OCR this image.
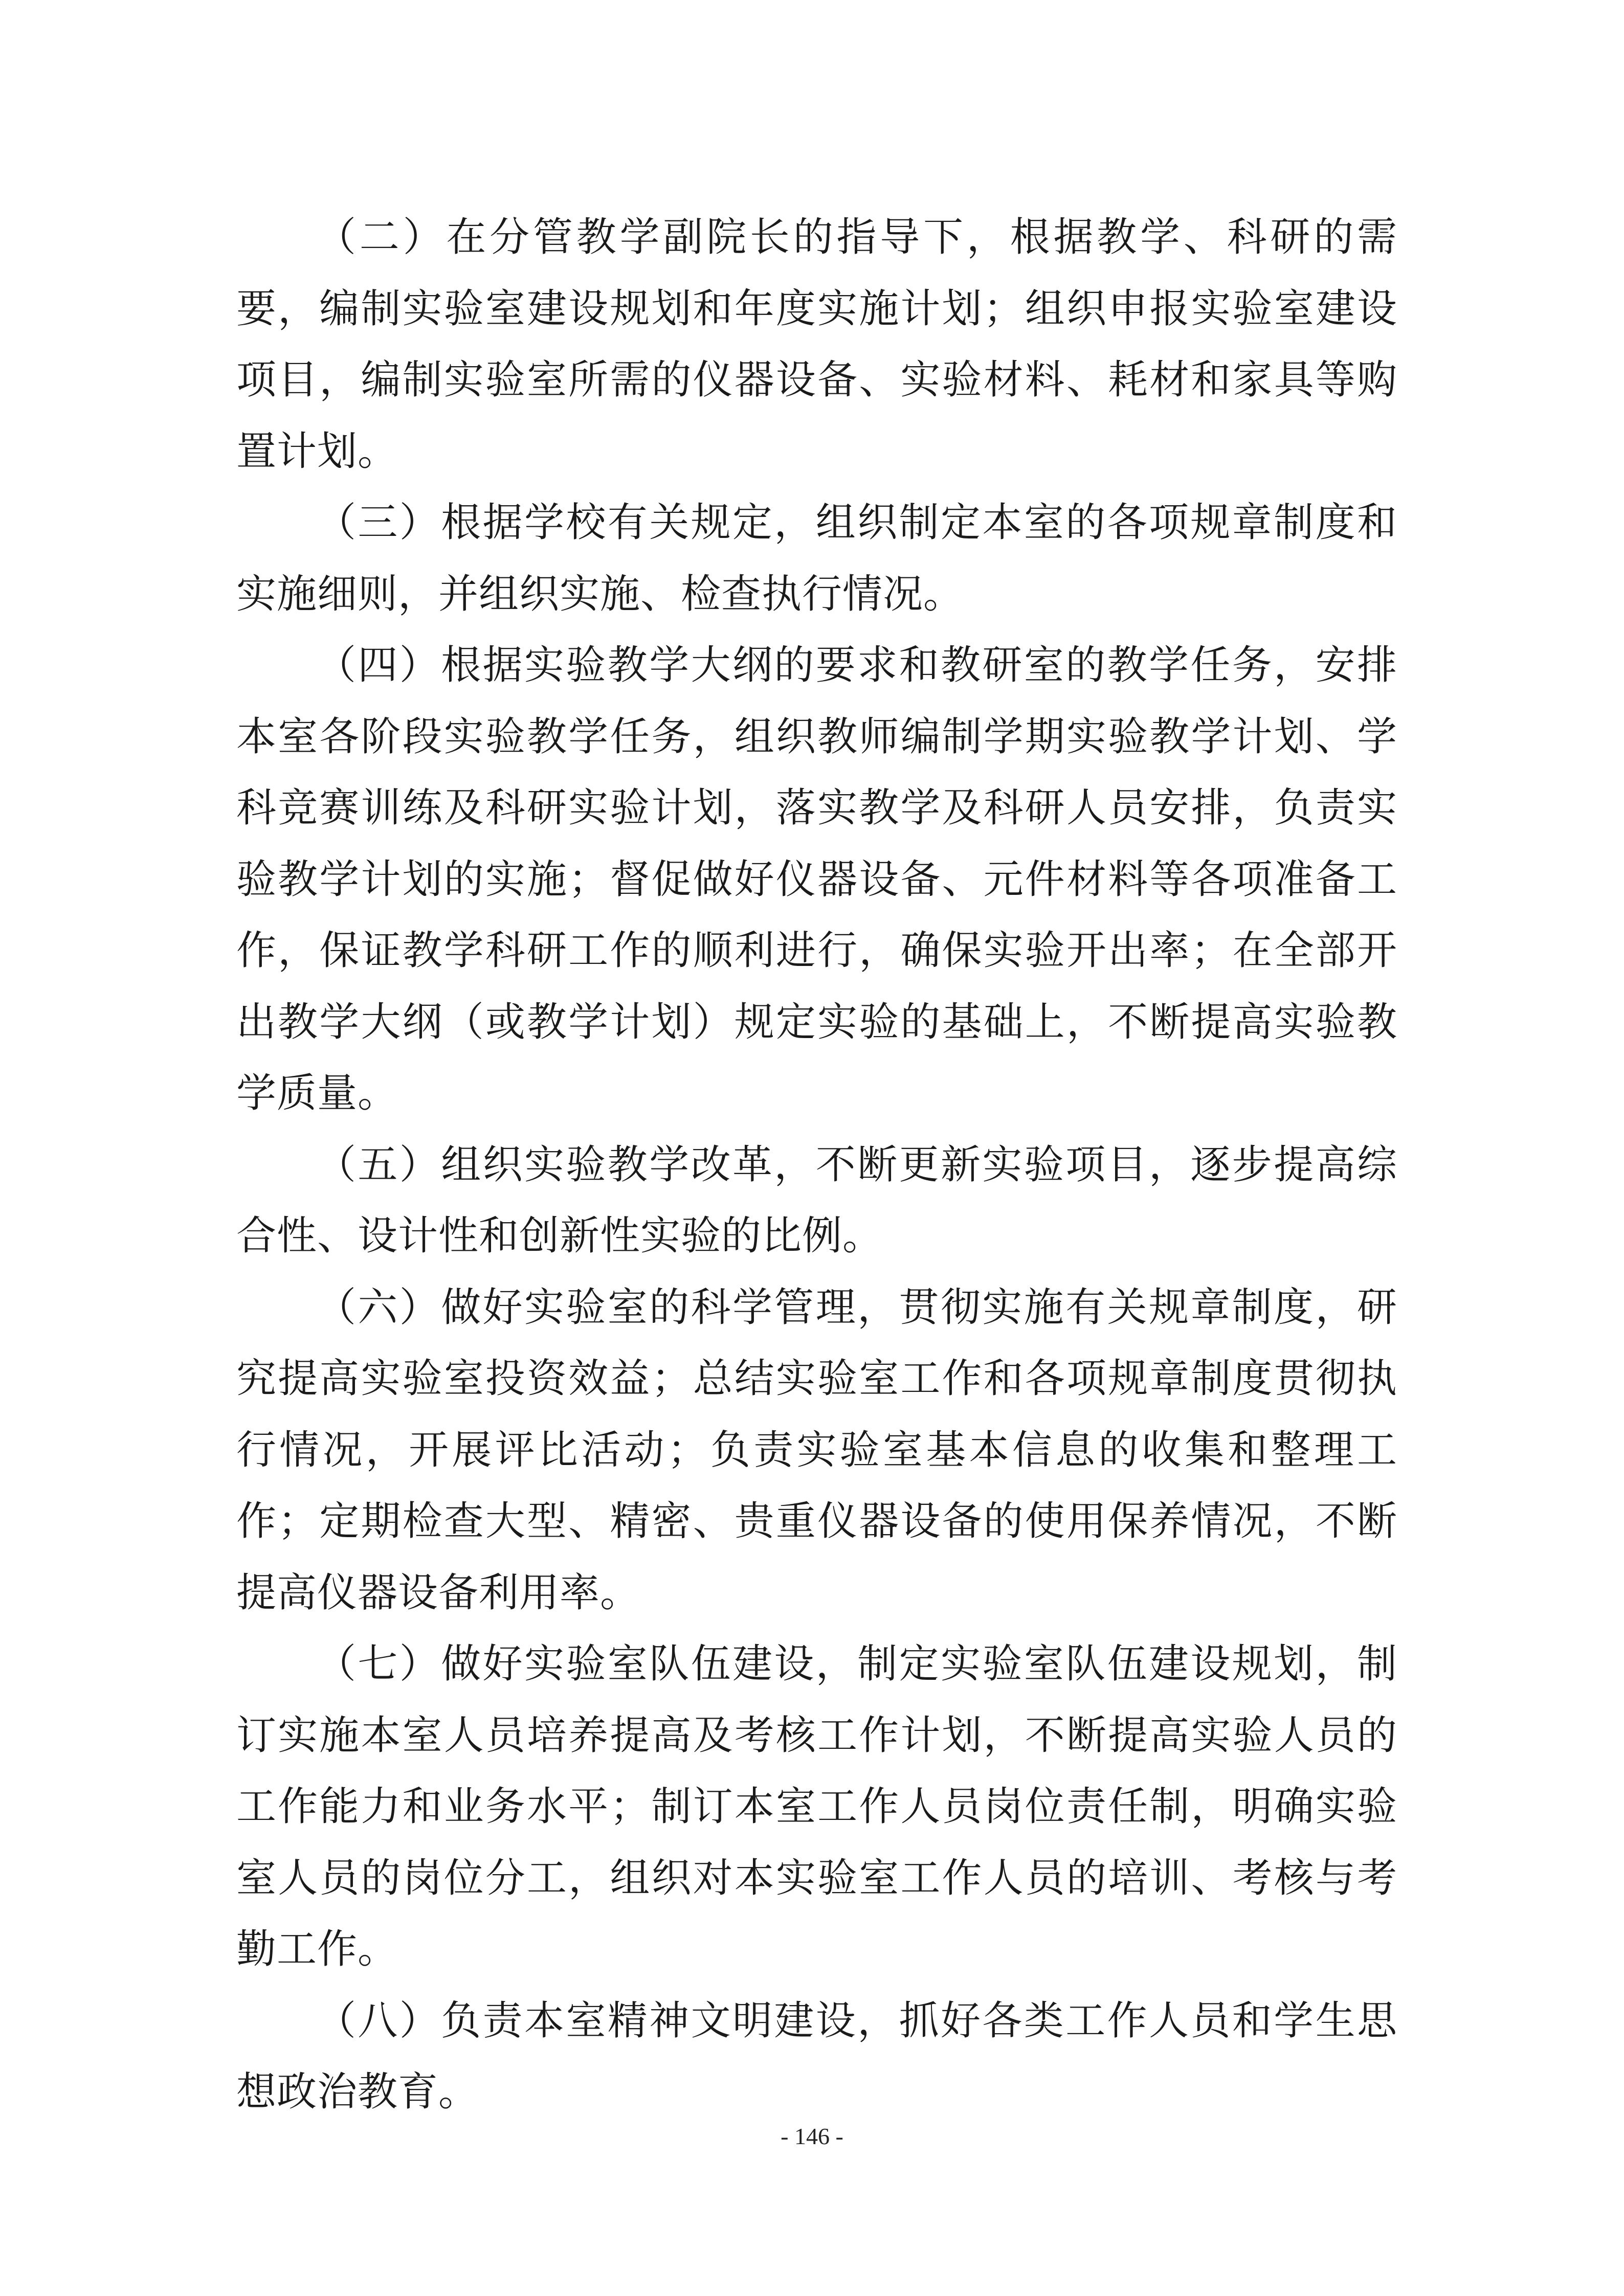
（二）在分管教学副院长的指导下，根据教学、科研的需要，编制实验室建设规划和年度实施计划；组织申报实验室建设项目，编制实验室所需的仪器设备、实验材料、耗材和家具等购置计划。

（三）根据学校有关规定，组织制定本室的各项规章制度和实施细则，并组织实施、检查执行情况。

（四）根据实验教学大纲的要求和教研室的教学任务，安排本室各阶段实验教学任务，组织教师编制学期实验教学计划、学科竞赛训练及科研实验计划，落实教学及科研人员安排，负责实验教学计划的实施；督促做好仪器设备、元件材料等各项准备工作，保证教学科研工作的顺利进行，确保实验开出率；在全部开出教学大纲（或教学计划）规定实验的基础上，不断提高实验教学质量。

（五）组织实验教学改革，不断更新实验项目，逐步提高综合性、设计性和创新性实验的比例。

（六）做好实验室的科学管理，贯彻实施有关规章制度，研究提高实验室投资效益；总结实验室工作和各项规章制度贯彻执行情况，开展评比活动；负责实验室基本信息的收集和整理工作；定期检查大型、精密、贵重仪器设备的使用保养情况，不断提高仪器设备利用率。

（七）做好实验室队伍建设，制定实验室队伍建设规划，制订实施本室人员培养提高及考核工作计划，不断提高实验人员的工作能力和业务水平；制订本室工作人员岗位责任制，明确实验室人员的岗位分工，组织对本实验室工作人员的培训、考核与考勤工作。

（八）负责本室精神文明建设，抓好各类工作人员和学生思想政治教育。

- 146 -
